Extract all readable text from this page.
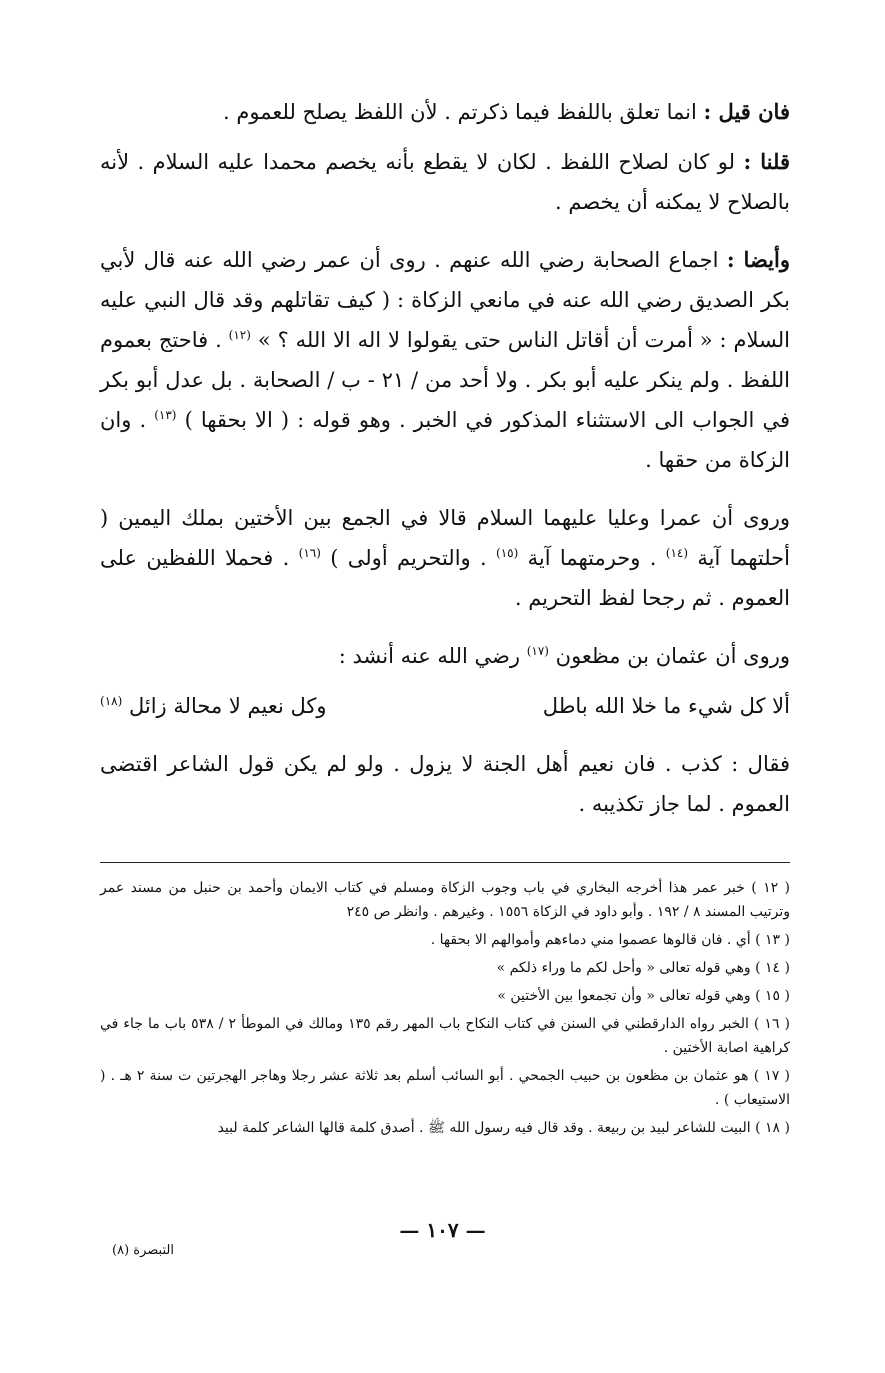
فان قيل : انما تعلق باللفظ فيما ذكرتم . لأن اللفظ يصلح للعموم .

قلنا : لو كان لصلاح اللفظ . لكان لا يقطع بأنه يخصم محمدا عليه السلام . لأنه بالصلاح لا يمكنه أن يخصم .

وأيضا : اجماع الصحابة رضي الله عنهم . روى أن عمر رضي الله عنه قال لأبي بكر الصديق رضي الله عنه في مانعي الزكاة : ( كيف تقاتلهم وقد قال النبي عليه السلام : « أمرت أن أقاتل الناس حتى يقولوا لا اله الا الله ؟ » $^{(١٢)}$ . فاحتج بعموم اللفظ . ولم ينكر عليه أبو بكر . ولا أحد من / ٢١ - ب / الصحابة . بل عدل أبو بكر في الجواب الى الاستثناء المذكور في الخبر . وهو قوله : ( الا بحقها ) $^{(١٣)}$ . وان الزكاة من حقها .

وروى أن عمرا وعليا عليهما السلام قالا في الجمع بين الأختين بملك اليمين ( أحلتهما آية $^{(١٤)}$ . وحرمتهما آية $^{(١٥)}$ . والتحريم أولى ) $^{(١٦)}$ . فحملا اللفظين على العموم . ثم رجحا لفظ التحريم .

وروى أن عثمان بن مظعون $^{(١٧)}$ رضي الله عنه أنشد :

ألا كل شيء ما خلا الله باطل
وكل نعيم لا محالة زائل $^{(١٨)}$

فقال : كذب . فان نعيم أهل الجنة لا يزول . ولو لم يكن قول الشاعر اقتضى العموم . لما جاز تكذيبه .

( ١٢ ) خبر عمر هذا أخرجه البخاري في باب وجوب الزكاة ومسلم في كتاب الايمان وأحمد بن حنبل من مسند عمر وترتيب المسند ٨ / ١٩٢ . وأبو داود في الزكاة ١٥٥٦ . وغيرهم . وانظر ص ٢٤٥

( ١٣ ) أي . فان قالوها عصموا مني دماءهم وأموالهم الا بحقها .

( ١٤ ) وهي قوله تعالى « وأحل لكم ما وراء ذلكم »

( ١٥ ) وهي قوله تعالى « وأن تجمعوا بين الأختين »

( ١٦ ) الخبر رواه الدارقطني في السنن في كتاب النكاح باب المهر رقم ١٣٥ ومالك في الموطأ ٢ / ٥٣٨ باب ما جاء في كراهية اصابة الأختين .

( ١٧ ) هو عثمان بن مظعون بن حبيب الجمحي . أبو السائب أسلم بعد ثلاثة عشر رجلا وهاجر الهجرتين ت سنة ٢ هـ . ( الاستيعاب ) .

( ١٨ ) البيت للشاعر لبيد بن ربيعة . وقد قال فيه رسول الله ﷺ . أصدق كلمة قالها الشاعر كلمة لبيد

— ١٠٧ —
التبصرة (٨)
